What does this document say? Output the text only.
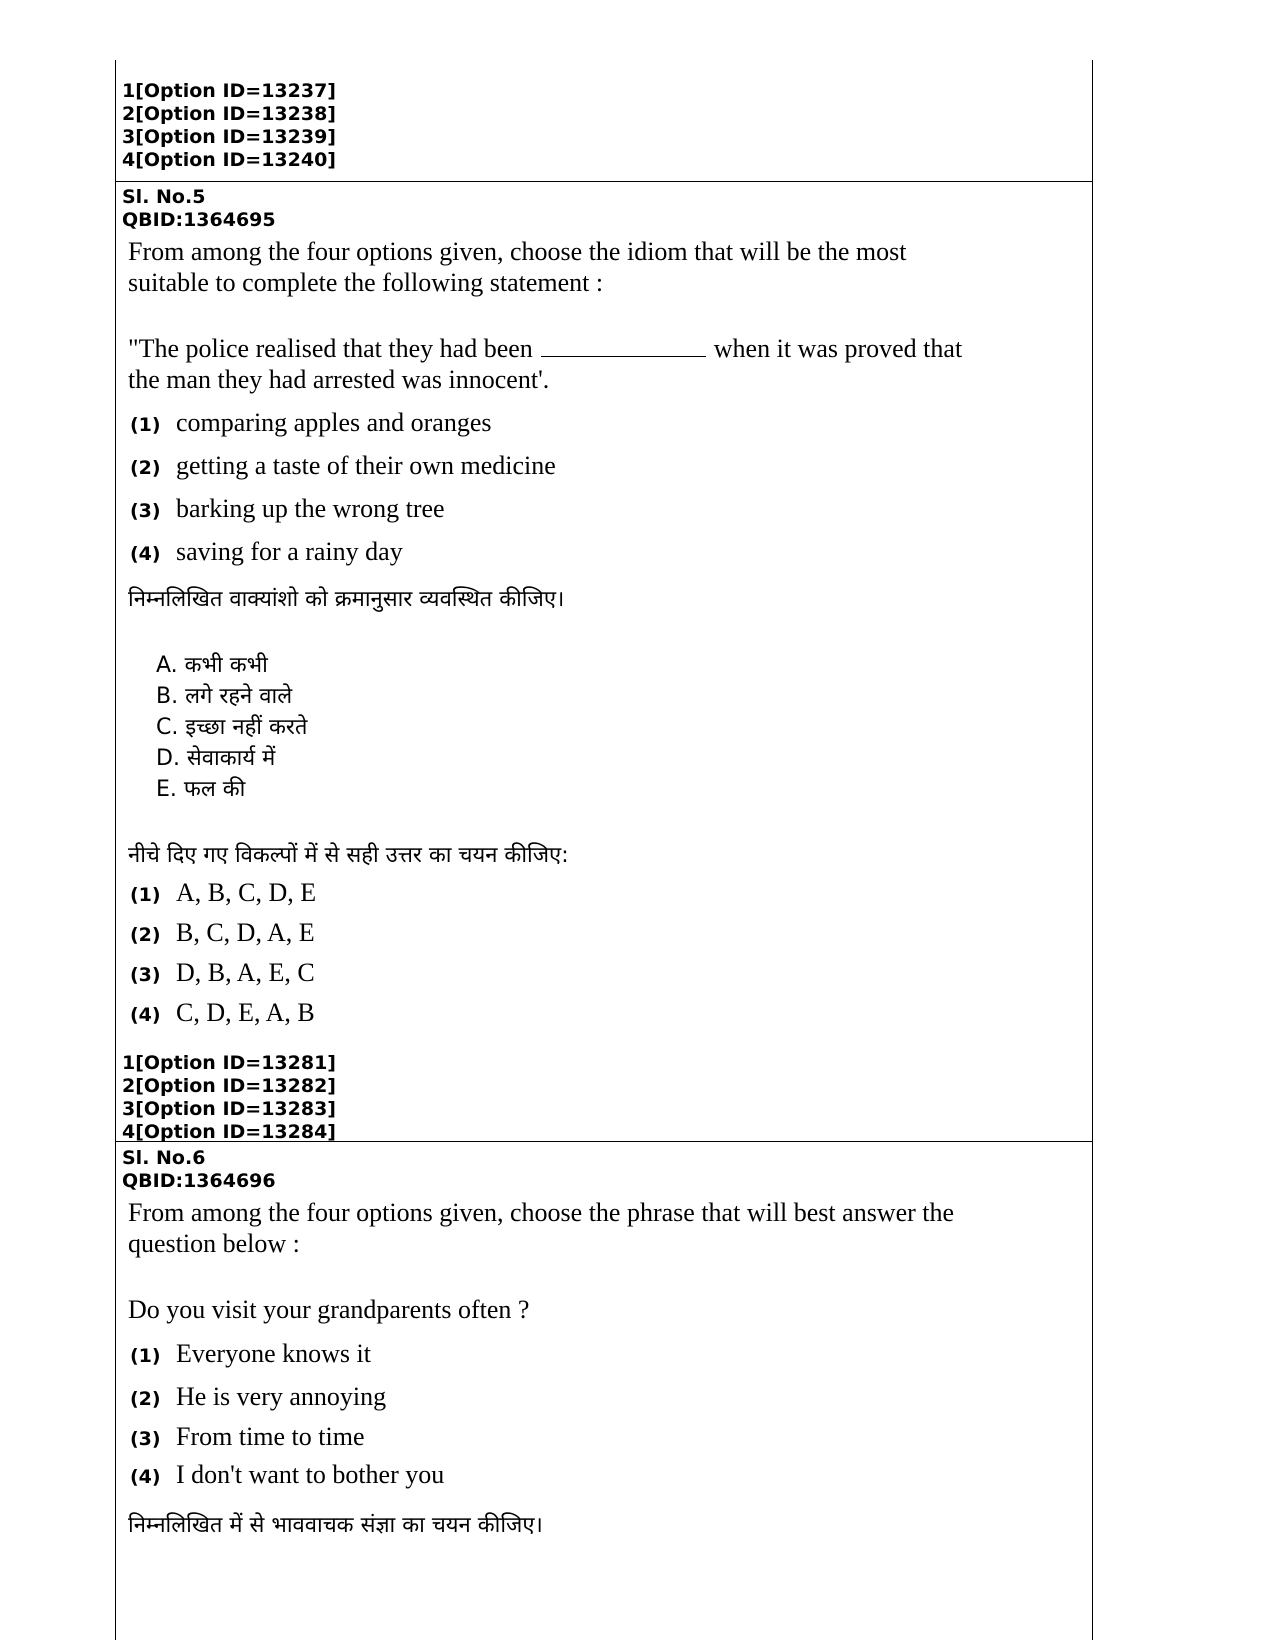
1[Option ID=13237]
2[Option ID=13238]
3[Option ID=13239]
4[Option ID=13240]
Sl. No.5
QBID:1364695
From among the four options given, choose the idiom that will be the most
suitable to complete the following statement :
"The police realised that they had been	when it was proved that
the man they had arrested was innocent'.
(1) comparing apples and oranges
(2) getting a taste of their own medicine
(3) barking up the wrong tree
(4) saving for a rainy day
निम्नलिखित वाक्यांशो को क्रमानुसार व्यवस्थित कीजिए।
A. कभी कभी
B. लगे रहने वाले
C. इच्छा नहीं करते
D. सेवाकार्य में
E. फल की
नीचे दिए गए विकल्पों में से सही उत्तर का चयन कीजिए:
(1) A, B, C, D, E
(2) B, C, D, A, E
(3) D, B, A, E, C
(4) C, D, E, A, B
1[Option ID=13281]
2[Option ID=13282]
3[Option ID=13283]
4[Option ID=13284]
Sl. No.6
QBID:1364696
From among the four options given, choose the phrase that will best answer the
question below :
Do you visit your grandparents often ?
(1) Everyone knows it
(2) He is very annoying
(3) From time to time
(4) I don't want to bother you
निम्नलिखित में से भाववाचक संज्ञा का चयन कीजिए।
